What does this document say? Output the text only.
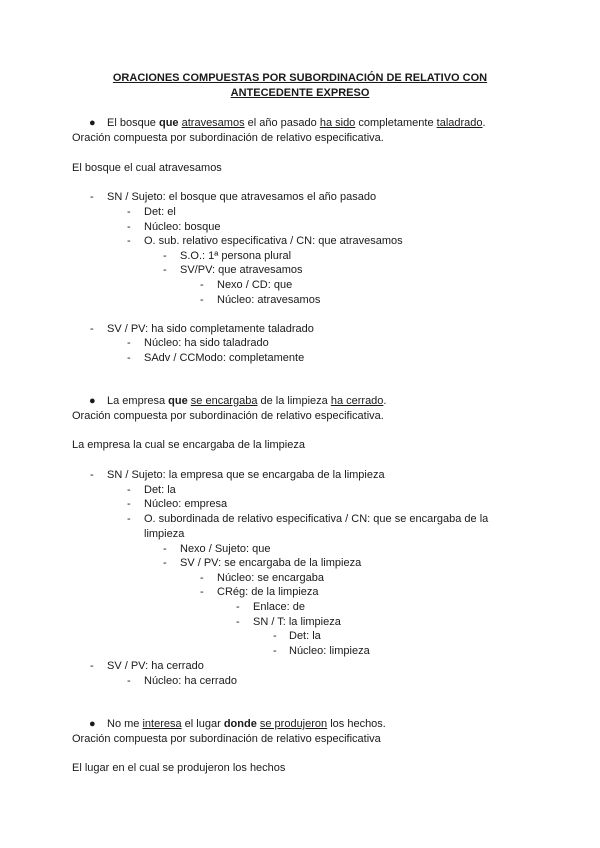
ORACIONES COMPUESTAS POR SUBORDINACIÓN DE RELATIVO CON
ANTECEDENTE EXPRESO
● El bosque que atravesamos el año pasado ha sido completamente taladrado.
Oración compuesta por subordinación de relativo especificativa.
El bosque el cual atravesamos
- SN / Sujeto: el bosque que atravesamos el año pasado
- Det: el
- Núcleo: bosque
- O. sub. relativo especificativa / CN: que atravesamos
- S.O.: 1ª persona plural
- SV/PV: que atravesamos
- Nexo / CD: que
- Núcleo: atravesamos
- SV / PV: ha sido completamente taladrado
- Núcleo: ha sido taladrado
- SAdv / CCModo: completamente
● La empresa que se encargaba de la limpieza ha cerrado.
Oración compuesta por subordinación de relativo especificativa.
La empresa la cual se encargaba de la limpieza
- SN / Sujeto: la empresa que se encargaba de la limpieza
- Det: la
- Núcleo: empresa
- O. subordinada de relativo especificativa / CN: que se encargaba de la
limpieza
- Nexo / Sujeto: que
- SV / PV: se encargaba de la limpieza
- Núcleo: se encargaba
- CRég: de la limpieza
- Enlace: de
- SN / T: la limpieza
- Det: la
- Núcleo: limpieza
- SV / PV: ha cerrado
- Núcleo: ha cerrado
● No me interesa el lugar donde se produjeron los hechos.
Oración compuesta por subordinación de relativo especificativa
El lugar en el cual se produjeron los hechos
